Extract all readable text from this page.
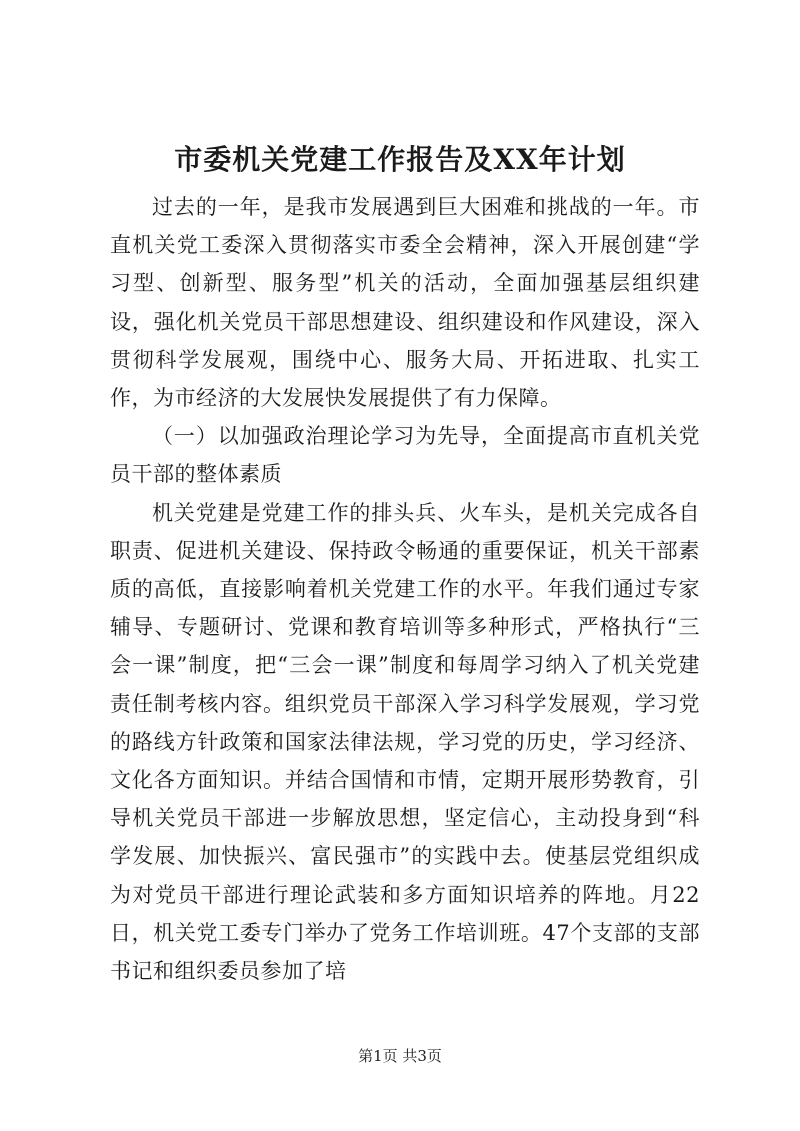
市委机关党建工作报告及XX年计划

过去的一年，是我市发展遇到巨大困难和挑战的一年。市直机关党工委深入贯彻落实市委全会精神，深入开展创建“学习型、创新型、服务型”机关的活动，全面加强基层组织建设，强化机关党员干部思想建设、组织建设和作风建设，深入贯彻科学发展观，围绕中心、服务大局、开拓进取、扎实工作，为市经济的大发展快发展提供了有力保障。

（一）以加强政治理论学习为先导，全面提高市直机关党员干部的整体素质

机关党建是党建工作的排头兵、火车头，是机关完成各自职责、促进机关建设、保持政令畅通的重要保证，机关干部素质的高低，直接影响着机关党建工作的水平。年我们通过专家辅导、专题研讨、党课和教育培训等多种形式，严格执行“三会一课”制度，把“三会一课”制度和每周学习纳入了机关党建责任制考核内容。组织党员干部深入学习科学发展观，学习党的路线方针政策和国家法律法规，学习党的历史，学习经济、文化各方面知识。并结合国情和市情，定期开展形势教育，引导机关党员干部进一步解放思想，坚定信心，主动投身到“科学发展、加快振兴、富民强市”的实践中去。使基层党组织成为对党员干部进行理论武装和多方面知识培养的阵地。月22日，机关党工委专门举办了党务工作培训班。47个支部的支部书记和组织委员参加了培

第1页 共3页
